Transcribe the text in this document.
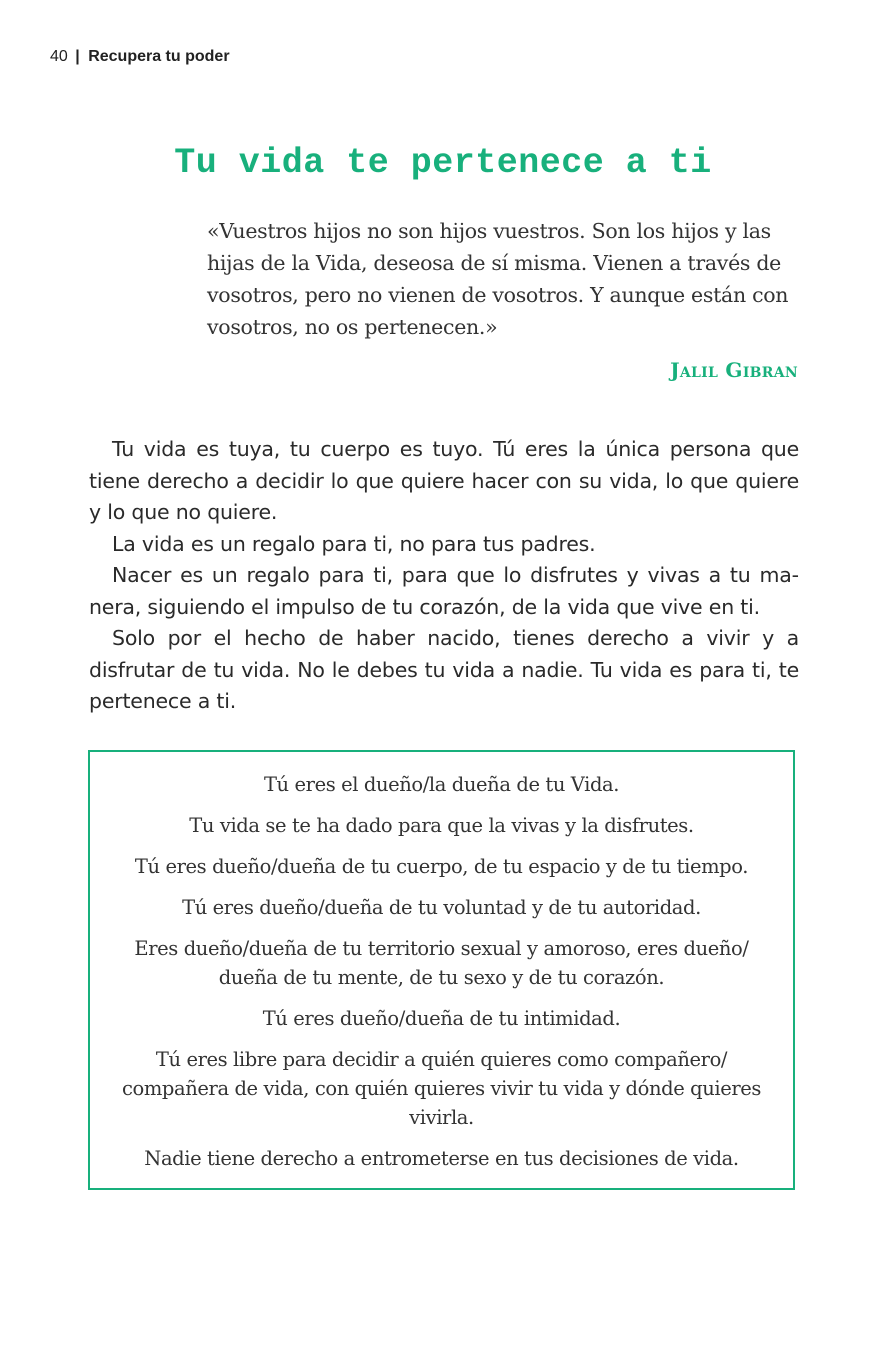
40 | Recupera tu poder
Tu vida te pertenece a ti

«Vuestros hijos no son hijos vuestros. Son los hijos y las hijas de la Vida, deseosa de sí misma. Vienen a través de vosotros, pero no vienen de vosotros. Y aunque están con vosotros, no os pertenecen.»

Jalil Gibran

Tu vida es tuya, tu cuerpo es tuyo. Tú eres la única persona que tiene derecho a decidir lo que quiere hacer con su vida, lo que quiere y lo que no quiere.

La vida es un regalo para ti, no para tus padres.

Nacer es un regalo para ti, para que lo disfrutes y vivas a tu manera, siguiendo el impulso de tu corazón, de la vida que vive en ti.

Solo por el hecho de haber nacido, tienes derecho a vivir y a disfrutar de tu vida. No le debes tu vida a nadie. Tu vida es para ti, te pertenece a ti.

Tú eres el dueño/la dueña de tu Vida.

Tu vida se te ha dado para que la vivas y la disfrutes.

Tú eres dueño/dueña de tu cuerpo, de tu espacio y de tu tiempo.

Tú eres dueño/dueña de tu voluntad y de tu autoridad.

Eres dueño/dueña de tu territorio sexual y amoroso, eres dueño/ dueña de tu mente, de tu sexo y de tu corazón.

Tú eres dueño/dueña de tu intimidad.

Tú eres libre para decidir a quién quieres como compañero/ compañera de vida, con quién quieres vivir tu vida y dónde quieres vivirla.

Nadie tiene derecho a entrometerse en tus decisiones de vida.
